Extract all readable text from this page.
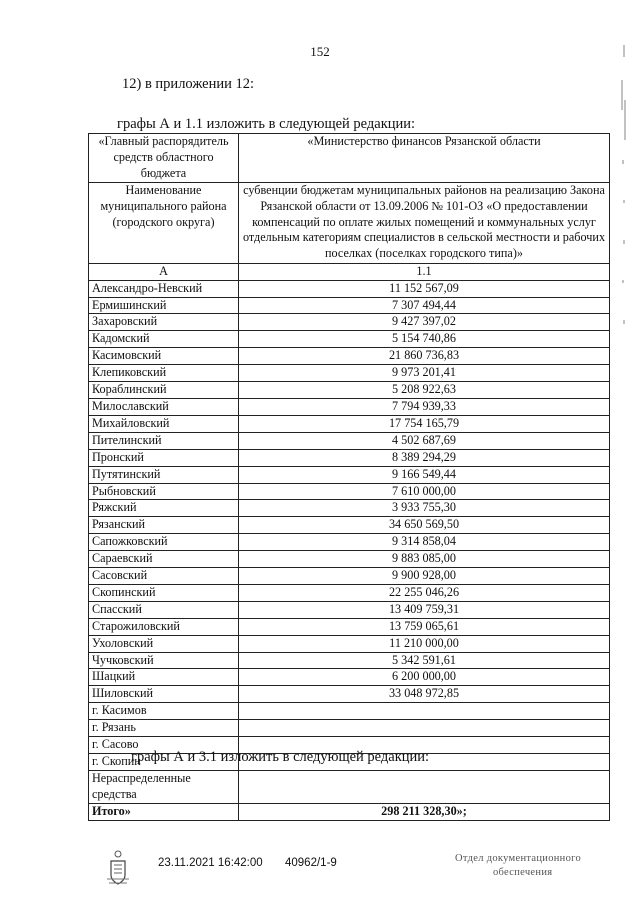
152
12) в приложении 12:
графы А и 1.1 изложить в следующей редакции:
«Главный распорядитель средств областного бюджета	«Министерство финансов Рязанской области
Наименование муниципального района (городского округа)	субвенции бюджетам муниципальных районов на реализацию Закона Рязанской области от 13.09.2006 № 101-ОЗ «О предоставлении компенсаций по оплате жилых помещений и коммунальных услуг отдельным категориям специалистов в сельской местности и рабочих поселках (поселках городского типа)»
А	1.1
Александро-Невский	11 152 567,09
Ермишинский	7 307 494,44
Захаровский	9 427 397,02
Кадомский	5 154 740,86
Касимовский	21 860 736,83
Клепиковский	9 973 201,41
Кораблинский	5 208 922,63
Милославский	7 794 939,33
Михайловский	17 754 165,79
Пителинский	4 502 687,69
Пронский	8 389 294,29
Путятинский	9 166 549,44
Рыбновский	7 610 000,00
Ряжский	3 933 755,30
Рязанский	34 650 569,50
Сапожковский	9 314 858,04
Сараевский	9 883 085,00
Сасовский	9 900 928,00
Скопинский	22 255 046,26
Спасский	13 409 759,31
Старожиловский	13 759 065,61
Ухоловский	11 210 000,00
Чучковский	5 342 591,61
Шацкий	6 200 000,00
Шиловский	33 048 972,85
г. Касимов	
г. Рязань	
г. Сасово	
г. Скопин	
Нераспределенные средства	
Итого»	298 211 328,30»;
графы А и 3.1 изложить в следующей редакции:
23.11.2021 16:42:00 40962/1-9	Отдел документационного
обеспечения
